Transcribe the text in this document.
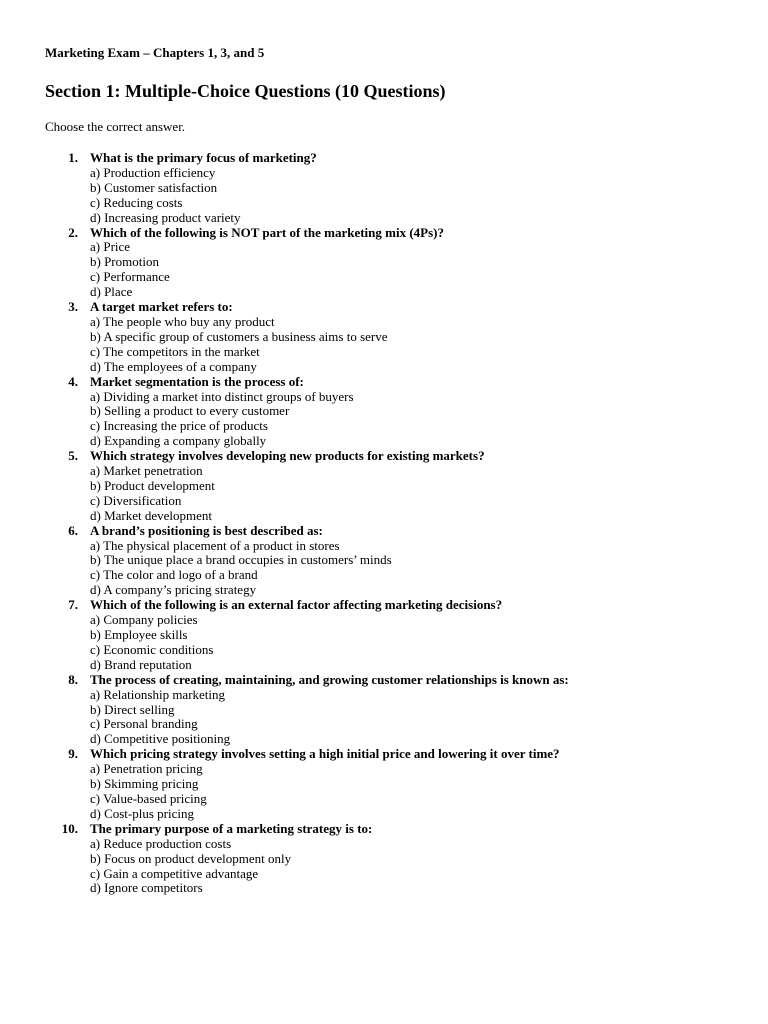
Marketing Exam – Chapters 1, 3, and 5

Section 1: Multiple-Choice Questions (10 Questions)

Choose the correct answer.

1. What is the primary focus of marketing?
a) Production efficiency
b) Customer satisfaction
c) Reducing costs
d) Increasing product variety
2. Which of the following is NOT part of the marketing mix (4Ps)?
a) Price
b) Promotion
c) Performance
d) Place
3. A target market refers to:
a) The people who buy any product
b) A specific group of customers a business aims to serve
c) The competitors in the market
d) The employees of a company
4. Market segmentation is the process of:
a) Dividing a market into distinct groups of buyers
b) Selling a product to every customer
c) Increasing the price of products
d) Expanding a company globally
5. Which strategy involves developing new products for existing markets?
a) Market penetration
b) Product development
c) Diversification
d) Market development
6. A brand’s positioning is best described as:
a) The physical placement of a product in stores
b) The unique place a brand occupies in customers’ minds
c) The color and logo of a brand
d) A company’s pricing strategy
7. Which of the following is an external factor affecting marketing decisions?
a) Company policies
b) Employee skills
c) Economic conditions
d) Brand reputation
8. The process of creating, maintaining, and growing customer relationships is known as:
a) Relationship marketing
b) Direct selling
c) Personal branding
d) Competitive positioning
9. Which pricing strategy involves setting a high initial price and lowering it over time?
a) Penetration pricing
b) Skimming pricing
c) Value-based pricing
d) Cost-plus pricing
10. The primary purpose of a marketing strategy is to:
a) Reduce production costs
b) Focus on product development only
c) Gain a competitive advantage
d) Ignore competitors
